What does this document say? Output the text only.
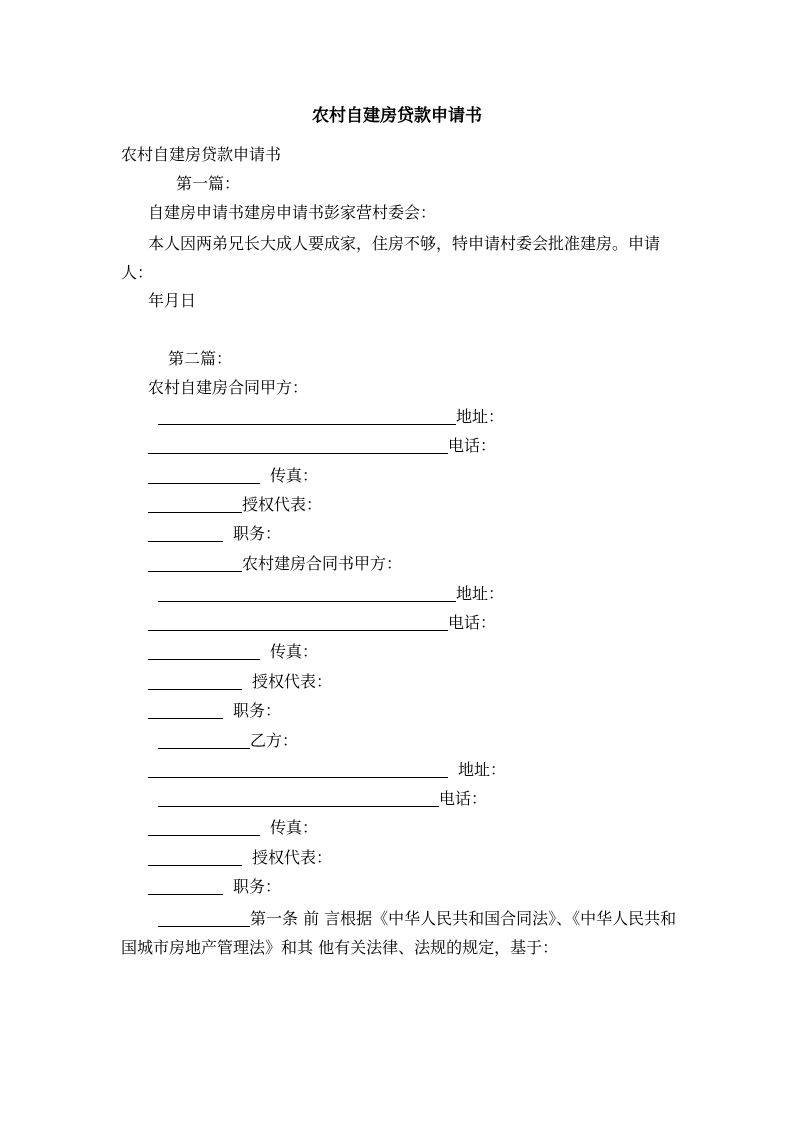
农村自建房贷款申请书
农村自建房贷款申请书
第一篇：
自建房申请书建房申请书彭家营村委会：
本人因两弟兄长大成人要成家，住房不够，特申请村委会批准建房。申请人：
年月日
第二篇：
农村自建房合同甲方：
地址：
电话：
传真：
授权代表：
职务：
农村建房合同书甲方：
地址：
电话：
传真：
授权代表：
职务：
乙方：
地址：
电话：
传真：
授权代表：
职务：
第一条 前 言根据《中华人民共和国合同法》、《中华人民共和国城市房地产管理法》和其 他有关法律、法规的规定，基于：
